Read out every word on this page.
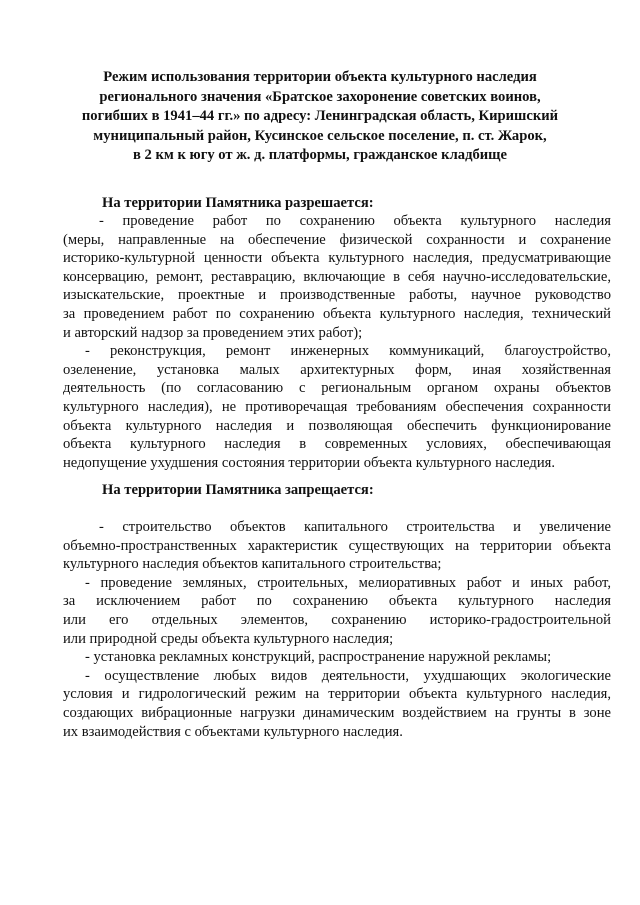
Режим использования территории объекта культурного наследия
регионального значения «Братское захоронение советских воинов,
погибших в 1941–44 гг.» по адресу: Ленинградская область, Киришский
муниципальный район, Кусинское сельское поселение, п. ст. Жарок,
в 2 км к югу от ж. д. платформы, гражданское кладбище
На территории Памятника разрешается:
- проведение работ по сохранению объекта культурного наследия
(меры, направленные на обеспечение физической сохранности и сохранение
историко-культурной ценности объекта культурного наследия, предусматривающие
консервацию, ремонт, реставрацию, включающие в себя научно-исследовательские,
изыскательские, проектные и производственные работы, научное руководство
за проведением работ по сохранению объекта культурного наследия, технический
и авторский надзор за проведением этих работ);
- реконструкция, ремонт инженерных коммуникаций, благоустройство,
озеленение, установка малых архитектурных форм, иная хозяйственная
деятельность (по согласованию с региональным органом охраны объектов
культурного наследия), не противоречащая требованиям обеспечения сохранности
объекта культурного наследия и позволяющая обеспечить функционирование
объекта культурного наследия в современных условиях, обеспечивающая
недопущение ухудшения состояния территории объекта культурного наследия.
На территории Памятника запрещается:
- строительство объектов капитального строительства и увеличение
объемно-пространственных характеристик существующих на территории объекта
культурного наследия объектов капитального строительства;
- проведение земляных, строительных, мелиоративных работ и иных работ,
за исключением работ по сохранению объекта культурного наследия
или его отдельных элементов, сохранению историко-градостроительной
или природной среды объекта культурного наследия;
- установка рекламных конструкций, распространение наружной рекламы;
- осуществление любых видов деятельности, ухудшающих экологические
условия и гидрологический режим на территории объекта культурного наследия,
создающих вибрационные нагрузки динамическим воздействием на грунты в зоне
их взаимодействия с объектами культурного наследия.
